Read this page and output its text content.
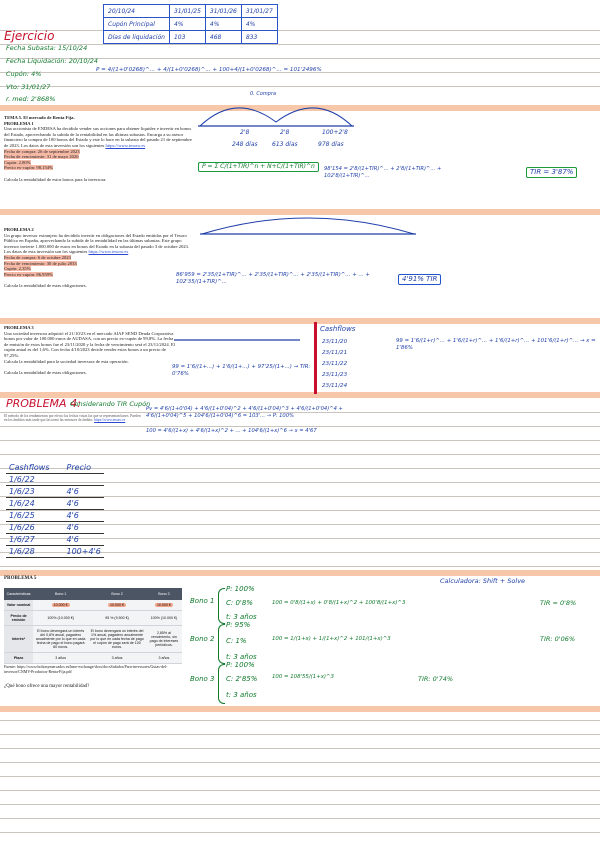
20/10/24	31/01/25	31/01/26	31/01/27
Cupón Principal	4%	4%	4%
Días de liquidación	103	468	833
Ejercicio
Fecha Subasta: 15/10/24
Fecha Liquidación: 20/10/24
Cupón: 4%
Vto: 31/01/27
r. med: 2'868%
P = 4/(1+0'0268)^... + 4/(1+0'0268)^... + 100+4/(1+0'0268)^... = 101'2496%
TEMA 5. El mercado de Renta Fija.
PROBLEMA 1
Una accionista de ENDESA ha decidido vender sus acciones para obtener liquidez e invertir en bonos del Estado, aprovechando la subida de la rentabilidad en las últimas subastas. Encarga a su asesor financiero la compra de 100 bonos del Estado y este lo hace en la subasta del pasado 21 de septiembre de 2023. Los datos de esta inversión son los siguientes https://www.tesoro.es
Fecha de compra: 26 de septiembre 2023
Fecha de vencimiento: 31 de mayo 2026
Cupón: 2,80%
Precio ex-cupón: 98,154%

Calcula la rentabilidad de estos bonos para la inversora.
0. Compra
2'8	2'8	100+2'8
248 días 613 días	978 días
P = Σ C/(1+TIR)^n + N+C/(1+TIR)^n	98'154 = 2'8/(1+TIR)^... + 2'8/(1+TIR)^... + 102'8/(1+TIR)^...	TIR = 3'87%
PROBLEMA 2
Un grupo inversor extranjero ha decidido invertir en obligaciones del Estado emitidas por el Tesoro Público en España, aprovechando la subida de la rentabilidad en las últimas subastas. Este grupo inversor invierte 1.000.000 de euros en bonos del Estado en la subasta del pasado 3 de octubre 2023. Los datos de esta inversión son los siguientes https://www.tesoro.es
Fecha de compra: 6 de octubre 2023
Fecha de vencimiento: 30 de julio 2033
Cupón: 2,35%
Precio ex-cupón: 86,959%

Calcula la rentabilidad de estas obligaciones.
86'959 = 2'35/(1+TIR)^... + 2'35/(1+TIR)^... + 2'35/(1+TIR)^... + ... + 102'35/(1+TIR)^...	4'91% TIR
PROBLEMA 3
Una sociedad inversora adquirió el 21/10/23 en el mercado AIAF SEND Deuda Corporativa bonos por valor de 100.000 euros de AUDASA, con un precio ex-cupón de 99,8%. La fecha de emisión de estos bonos fue el 23/11/2020 y la fecha de vencimiento será el 23/11/2024. El cupón anual es del 1,6%. Con fecha 4/10/2023 decide vender estos bonos a un precio de 97,25%.
Calcula la rentabilidad para la sociedad inversora de esta operación.

Calcula la rentabilidad de estas obligaciones.
99 = 1'6/(1+...) + 1'6/(1+...) + 97'25/(1+...) → TIR: 0'76%
Cashflows
23/11/20
23/11/21
23/11/22
23/11/23
23/11/24
99 = 1'6/(1+r)^... + 1'6/(1+r)^... + 1'6/(1+r)^... + 101'6/(1+r)^... → x = 1'86%
PROBLEMA 4:
Considerando TIR Cupón
El método de los rendimientos por efecto las fechas vistas las que se representan bases. Pueden en los ámbitos más tarde que las tomó las entonces de ámbito. https://www.tesoro.es
Pv = 4'6/(1+0'04) + 4'6/(1+0'04)^2 + 4'6/(1+0'04)^3 + 4'6/(1+0'04)^4 + 4'6/(1+0'04)^5 + 104'6/(1+0'04)^6 = 103'... → P: 100%
100 = 4'6/(1+x) + 4'6/(1+x)^2 + ... + 104'6/(1+x)^6 → x = 4'67
Cashflows	Precio
1/6/22	
1/6/23	4'6
1/6/24	4'6
1/6/25	4'6
1/6/26	4'6
1/6/27	4'6
1/6/28	100+4'6
PROBLEMA 5	Calculadora: Shift + Solve
Características	Bono 1	Bono 2	Bono 3
Valor nominal	10.000 €	10.000 €	10.000 €
Precio de emisión	100% (10.000 €)	95 % (9.500 €)	100% (10.000 €)
Interés*	El bono devengará un interés del 0,8% anual, pagadero anualmente por lo que en cada fecha de pago el bono pagará 80 euros.	El bono devengará un interés del 1% anual, pagadero anualmente por lo que en cada fecha de pago el cupón de pago será de 100 euros.	2,85% al vencimiento, sin pago de intereses periódicos.
Plazo	3 años	3 años	3 años
Fuente: https://www.bolsasymercados.es/bme-exchange/docs/docsSubidos/Para-inversores/Guias-del-inversor/CNMV-Productos-Renta-Fija.pdf
¿Qué bono ofrece una mayor rentabilidad?
Bono 1
P: 100%
C: 0'8%
t: 3 años
100 = 0'8/(1+x) + 0'8/(1+x)^2 + 100'8/(1+x)^3	TIR = 0'8%
Bono 2
P: 95%
C: 1%
t: 3 años
100 = 1/(1+x) + 1/(1+x)^2 + 101/(1+x)^3	TIR: 0'06%
Bono 3
P: 100%
C: 2'85%
t: 3 años
100 = 108'55/(1+x)^3	TIR: 0'74%
